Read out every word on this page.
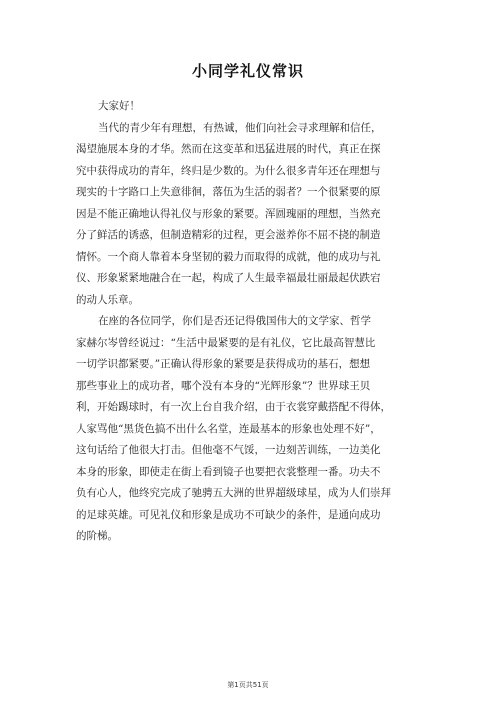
小同学礼仪常识
大家好！
当代的青少年有理想，有热诚，他们向社会寻求理解和信任，
渴望施展本身的才华。然而在这变革和迅猛进展的时代，真正在探
究中获得成功的青年，终归是少数的。为什么很多青年还在理想与
现实的十字路口上失意徘徊，落伍为生活的弱者？一个很紧要的原
因是不能正确地认得礼仪与形象的紧要。浑圆瑰丽的理想，当然充
分了鲜活的诱惑，但制造精彩的过程，更会滋养你不屈不挠的制造
情怀。一个商人靠着本身坚韧的毅力而取得的成就，他的成功与礼
仪、形象紧紧地融合在一起，构成了人生最幸福最壮丽最起伏跌宕
的动人乐章。
在座的各位同学，你们是否还记得俄国伟大的文学家、哲学
家赫尔岑曾经说过：“生活中最紧要的是有礼仪，它比最高智慧比
一切学识都紧要。”正确认得形象的紧要是获得成功的基石，想想
那些事业上的成功者，哪个没有本身的“光辉形象”？世界球王贝
利，开始踢球时，有一次上台自我介绍，由于衣裳穿戴搭配不得体，
人家骂他“黑货色搞不出什么名堂，连最基本的形象也处理不好”，
这句话给了他很大打击。但他毫不气馁，一边刻苦训练，一边美化
本身的形象，即使走在街上看到镜子也要把衣裳整理一番。功夫不
负有心人，他终究完成了驰骋五大洲的世界超级球星，成为人们崇拜
的足球英雄。可见礼仪和形象是成功不可缺少的条件，是通向成功
的阶梯。
第1页共51页
